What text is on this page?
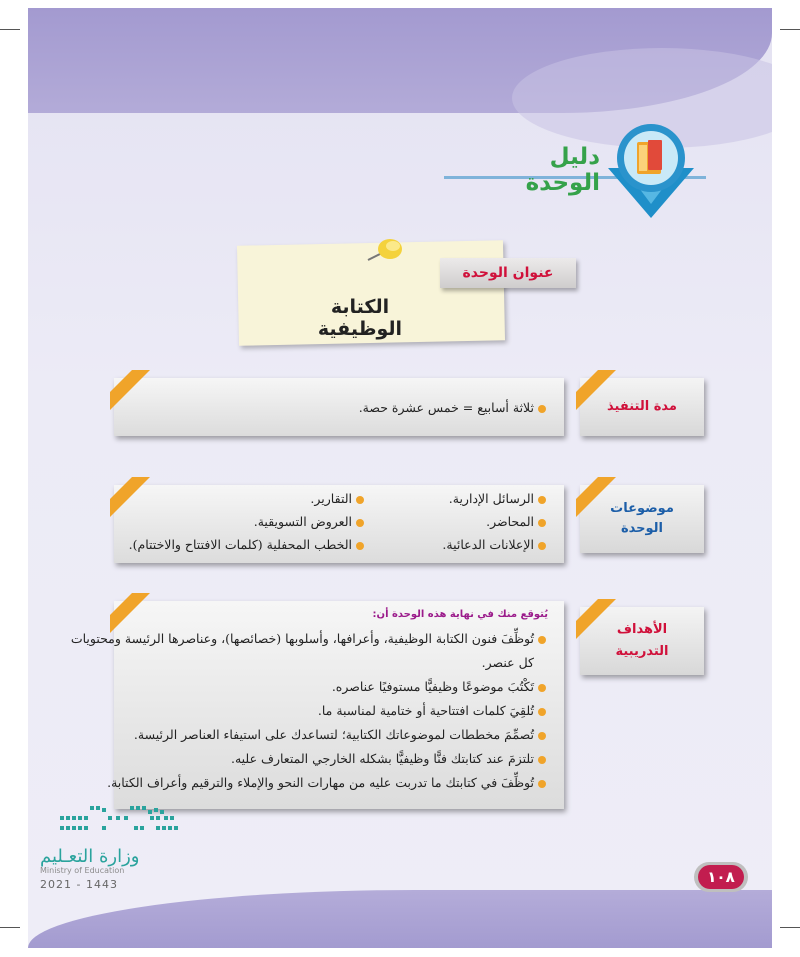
دليل الوحدة
عنوان الوحدة
الكتابة الوظيفية
مدة التنفيذ
ثلاثة أسابيع = خمس عشرة حصة.
موضوعات
الوحدة
الرسائل الإدارية.
التقارير.
المحاضر.
العروض التسويقية.
الإعلانات الدعائية.
الخطب المحفلية (كلمات الافتتاح والاختتام).
الأهداف
التدريبية
يُتوقع منك في نهاية هذه الوحدة أن:
تُوظِّفَ فنون الكتابة الوظيفية، وأعرافها، وأسلوبها (خصائصها)، وعناصرها الرئيسة ومحتويات
كل عنصر.
تَكْتُبَ موضوعًا وظيفيًّا مستوفيًا عناصره.
تُلقِيَ كلمات افتتاحية أو ختامية لمناسبة ما.
تُصمِّمَ مخططات لموضوعاتك الكتابية؛ لتساعدك على استيفاء العناصر الرئيسة.
تلتزمَ عند كتابتك فنًّا وظيفيًّا بشكله الخارجي المتعارف عليه.
تُوظِّفَ في كتابتك ما تدربت عليه من مهارات النحو والإملاء والترقيم وأعراف الكتابة.
وزارة التعـليم
Ministry of Education
2021 - 1443	١٠٨
